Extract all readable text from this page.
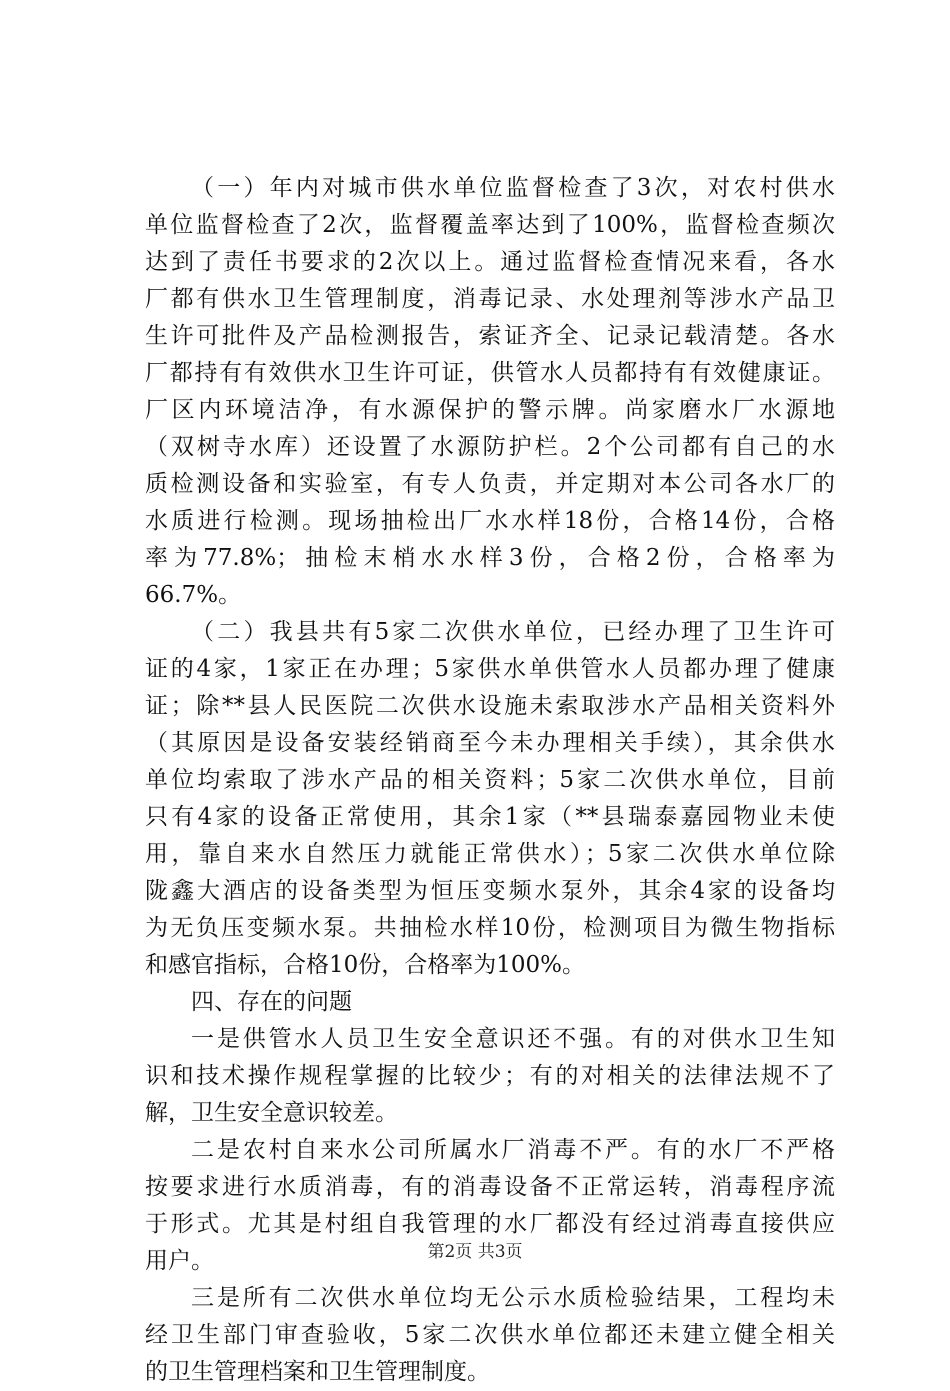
（一）年内对城市供水单位监督检查了3次，对农村供水
单位监督检查了2次，监督覆盖率达到了100%，监督检查频次
达到了责任书要求的2次以上。通过监督检查情况来看，各水
厂都有供水卫生管理制度，消毒记录、水处理剂等涉水产品卫
生许可批件及产品检测报告，索证齐全、记录记载清楚。各水
厂都持有有效供水卫生许可证，供管水人员都持有有效健康证。
厂区内环境洁净，有水源保护的警示牌。尚家磨水厂水源地
（双树寺水库）还设置了水源防护栏。2个公司都有自己的水
质检测设备和实验室，有专人负责，并定期对本公司各水厂的
水质进行检测。现场抽检出厂水水样18份，合格14份，合格
率为77.8%；抽检末梢水水样3份，合格2份，合格率为
66.7%。
（二）我县共有5家二次供水单位，已经办理了卫生许可
证的4家，1家正在办理；5家供水单供管水人员都办理了健康
证；除**县人民医院二次供水设施未索取涉水产品相关资料外
（其原因是设备安装经销商至今未办理相关手续），其余供水
单位均索取了涉水产品的相关资料；5家二次供水单位，目前
只有4家的设备正常使用，其余1家（**县瑞泰嘉园物业未使
用，靠自来水自然压力就能正常供水）；5家二次供水单位除
陇鑫大酒店的设备类型为恒压变频水泵外，其余4家的设备均
为无负压变频水泵。共抽检水样10份，检测项目为微生物指标
和感官指标，合格10份，合格率为100%。
四、存在的问题
一是供管水人员卫生安全意识还不强。有的对供水卫生知
识和技术操作规程掌握的比较少；有的对相关的法律法规不了
解，卫生安全意识较差。
二是农村自来水公司所属水厂消毒不严。有的水厂不严格
按要求进行水质消毒，有的消毒设备不正常运转，消毒程序流
于形式。尤其是村组自我管理的水厂都没有经过消毒直接供应
用户。
三是所有二次供水单位均无公示水质检验结果，工程均未
经卫生部门审查验收，5家二次供水单位都还未建立健全相关
的卫生管理档案和卫生管理制度。
第2页 共3页
